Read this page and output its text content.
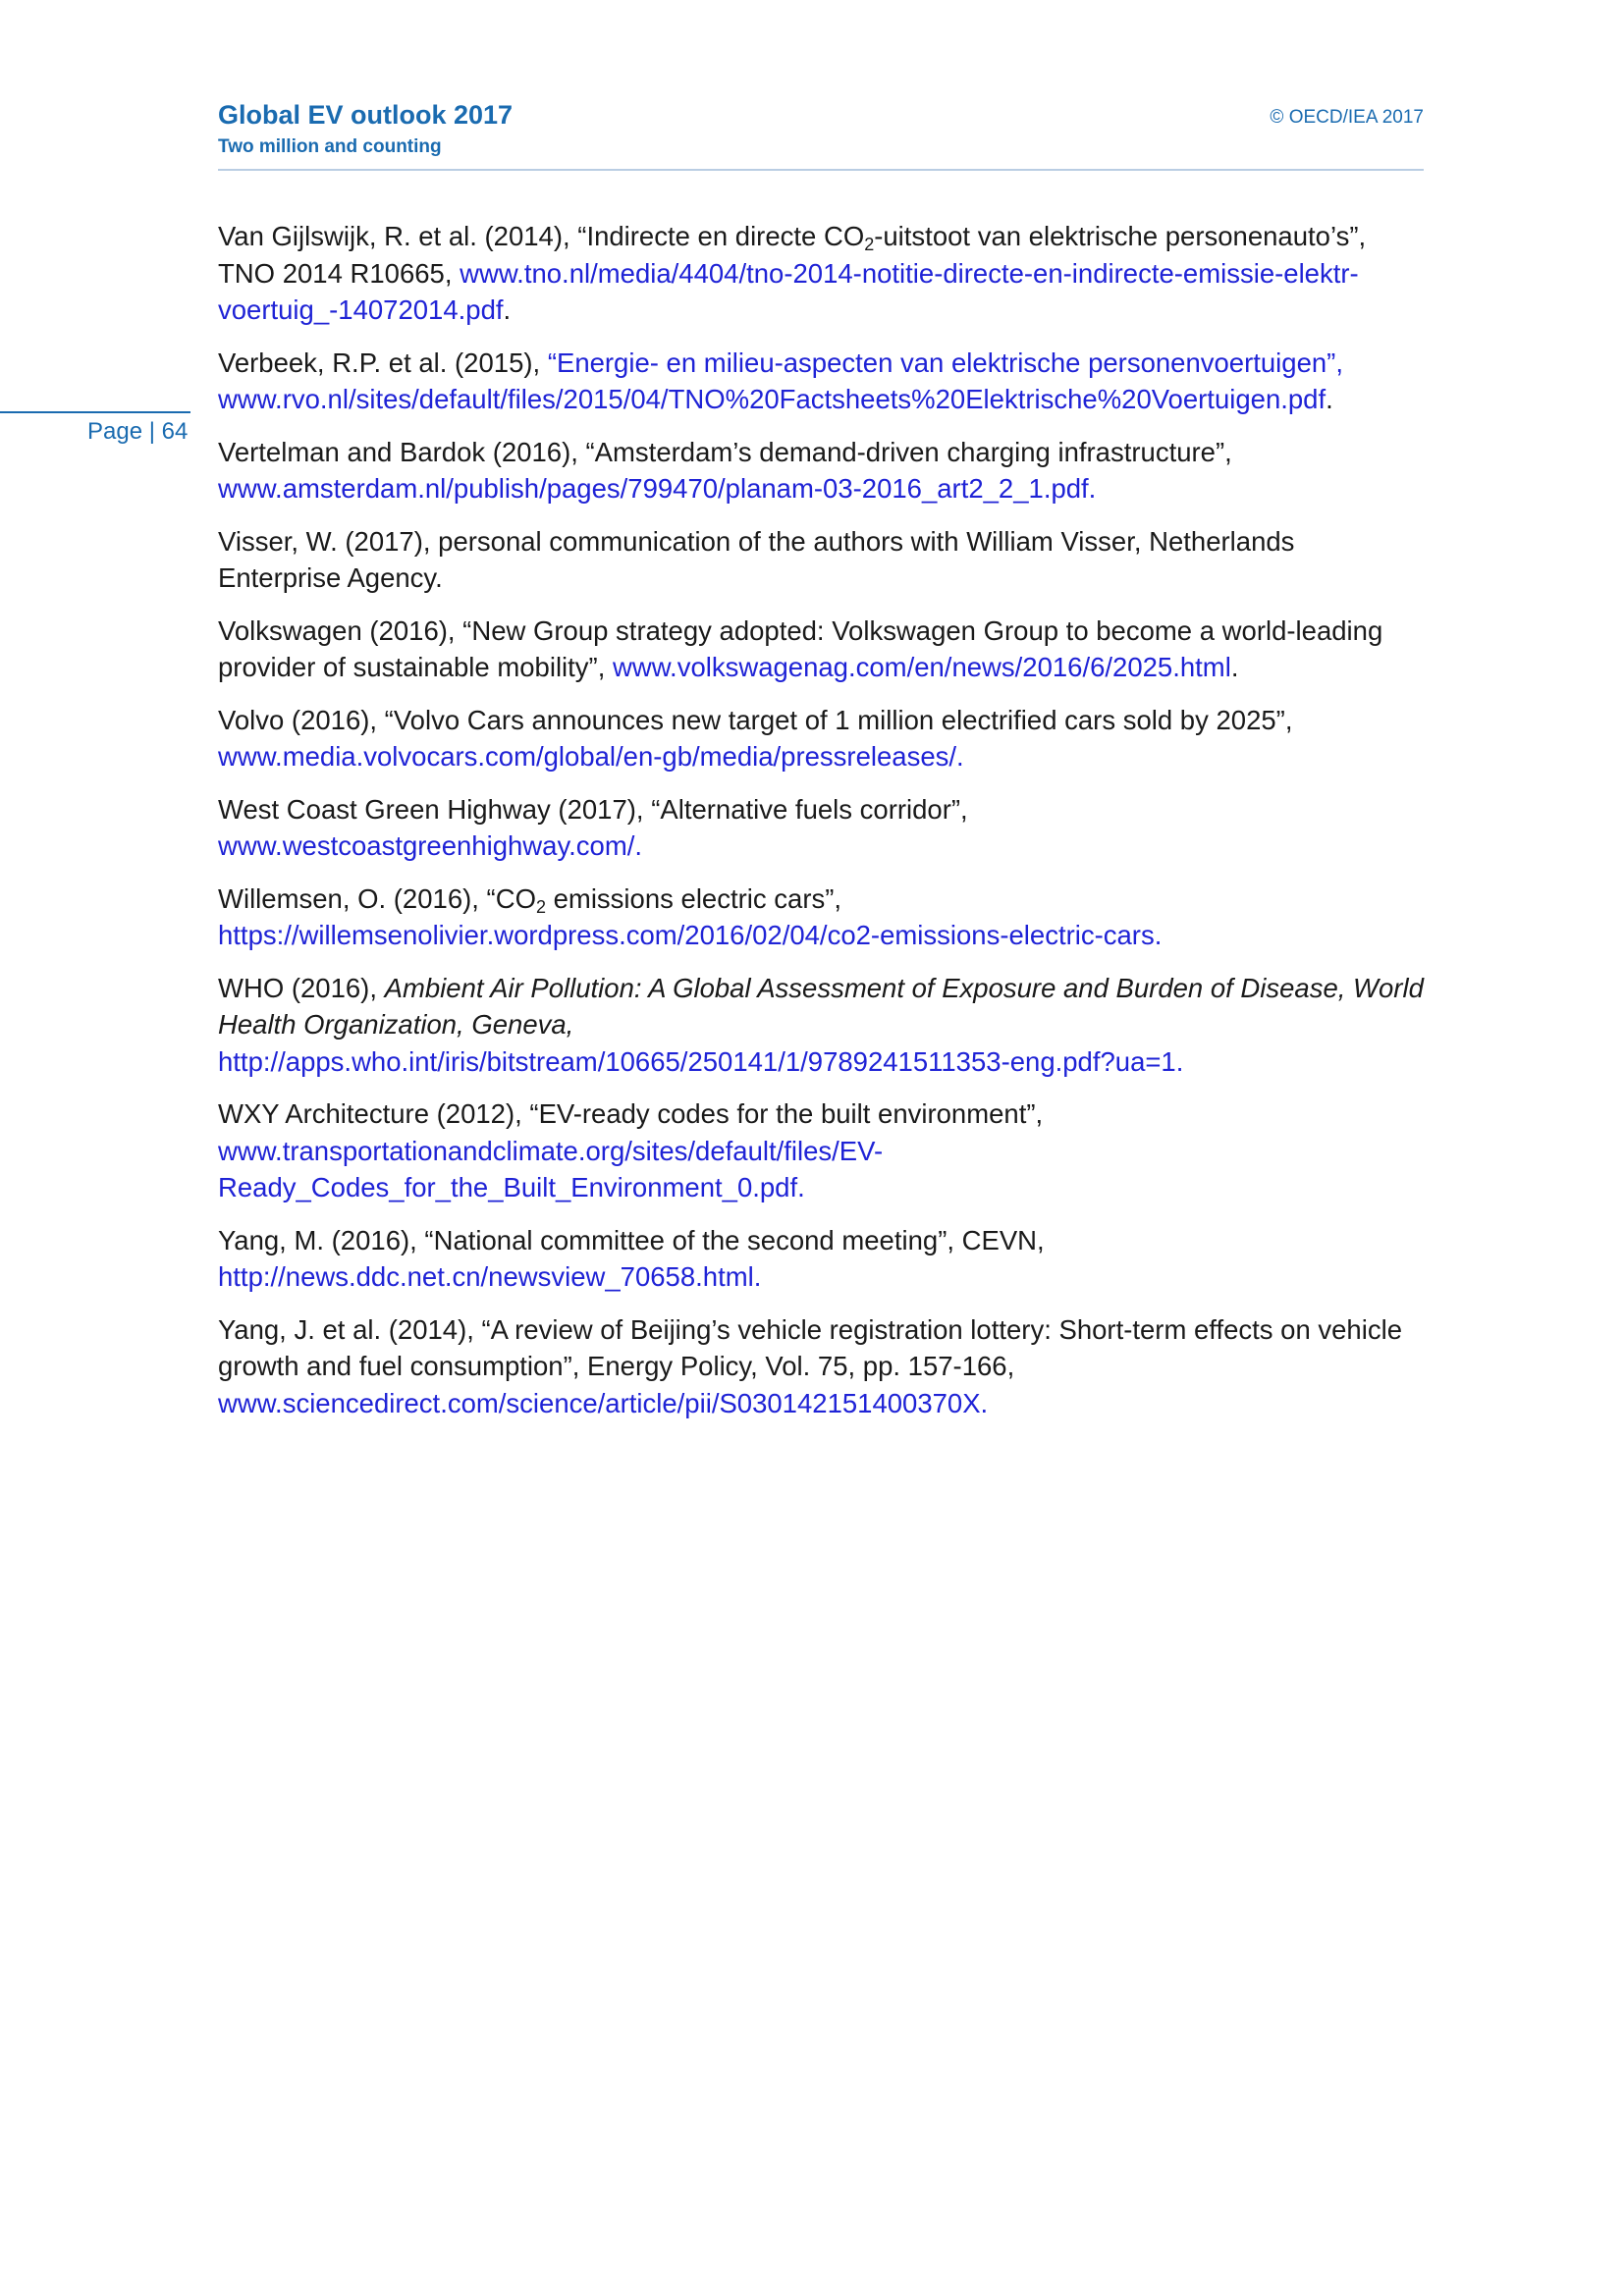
Global EV outlook 2017
Two million and counting
© OECD/IEA 2017
Page | 64

Van Gijlswijk, R. et al. (2014), “Indirecte en directe $CO_2$-uitstoot van elektrische personenauto’s”, TNO 2014 R10665, www.tno.nl/media/4404/tno-2014-notitie-directe-en-indirecte-emissie-elektr-voertuig_-14072014.pdf.

Verbeek, R.P. et al. (2015), “Energie- en milieu-aspecten van elektrische personenvoertuigen”,
www.rvo.nl/sites/default/files/2015/04/TNO%20Factsheets%20Elektrische%20Voertuigen.pdf.

Vertelman and Bardok (2016), “Amsterdam’s demand-driven charging infrastructure”,
www.amsterdam.nl/publish/pages/799470/planam-03-2016_art2_2_1.pdf.

Visser, W. (2017), personal communication of the authors with William Visser, Netherlands Enterprise Agency.

Volkswagen (2016), “New Group strategy adopted: Volkswagen Group to become a world-leading provider of sustainable mobility”, www.volkswagenag.com/en/news/2016/6/2025.html.

Volvo (2016), “Volvo Cars announces new target of 1 million electrified cars sold by 2025”,
www.media.volvocars.com/global/en-gb/media/pressreleases/.

West Coast Green Highway (2017), “Alternative fuels corridor”,
www.westcoastgreenhighway.com/.

Willemsen, O. (2016), “$CO_2$ emissions electric cars”,
https://willemsenolivier.wordpress.com/2016/02/04/co2-emissions-electric-cars.

WHO (2016), Ambient Air Pollution: A Global Assessment of Exposure and Burden of Disease, World Health Organization, Geneva,
http://apps.who.int/iris/bitstream/10665/250141/1/9789241511353-eng.pdf?ua=1.

WXY Architecture (2012), “EV-ready codes for the built environment”,
www.transportationandclimate.org/sites/default/files/EV-Ready_Codes_for_the_Built_Environment_0.pdf.

Yang, M. (2016), “National committee of the second meeting”, CEVN,
http://news.ddc.net.cn/newsview_70658.html.

Yang, J. et al. (2014), “A review of Beijing’s vehicle registration lottery: Short-term effects on vehicle growth and fuel consumption”, Energy Policy, Vol. 75, pp. 157-166,
www.sciencedirect.com/science/article/pii/S030142151400370X.
